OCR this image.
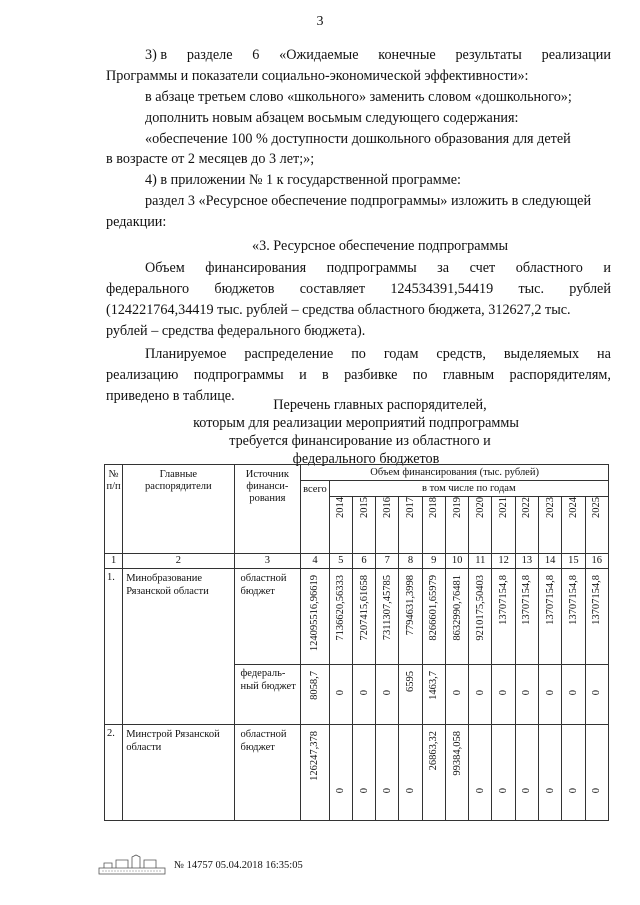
3
3) в разделе 6 «Ожидаемые конечные результаты реализации
Программы и показатели социально-экономической эффективности»:
в абзаце третьем слово «школьного» заменить словом «дошкольного»;
дополнить новым абзацем восьмым следующего содержания:
«обеспечение 100 % доступности дошкольного образования для детей
в возрасте от 2 месяцев до 3 лет;»;
4) в приложении № 1 к государственной программе:
раздел 3 «Ресурсное обеспечение подпрограммы» изложить в следующей
редакции:
«3. Ресурсное обеспечение подпрограммы
Объем финансирования подпрограммы за счет областного и
федерального бюджетов составляет 124534391,54419 тыс. рублей
(124221764,34419 тыс. рублей – средства областного бюджета, 312627,2 тыс.
рублей – средства федерального бюджета).
Планируемое распределение по годам средств, выделяемых на
реализацию подпрограммы и в разбивке по главным распорядителям,
приведено в таблице.
Перечень главных распорядителей,
которым для реализации мероприятий подпрограммы
требуется финансирование из областного и
федерального бюджетов
№ п/п	Главные распорядители	Источник финанси-рования	Объем финансирования (тыс. рублей)												
			всего	в том числе по годам											
				2014	2015	2016	2017	2018	2019	2020	2021	2022	2023	2024	2025
1	2	3	4	5	6	7	8	9	10	11	12	13	14	15	16
1.	Минобразование Рязанской области	областной бюджет	124095516,96619	7136620,56333	7207415,61658	7311307,45785	7794631,3998	8266601,65979	8632990,76481	9210175,50403	13707154,8	13707154,8	13707154,8	13707154,8	13707154,8
		федераль-ный бюджет	8058,7	0	0	0	6595	1463,7	0	0	0	0	0	0	0
2.	Минстрой Рязанской области	областной бюджет	126247,378	0	0	0	0	26863,32	99384,058	0	0	0	0	0	0
№ 14757 05.04.2018 16:35:05
